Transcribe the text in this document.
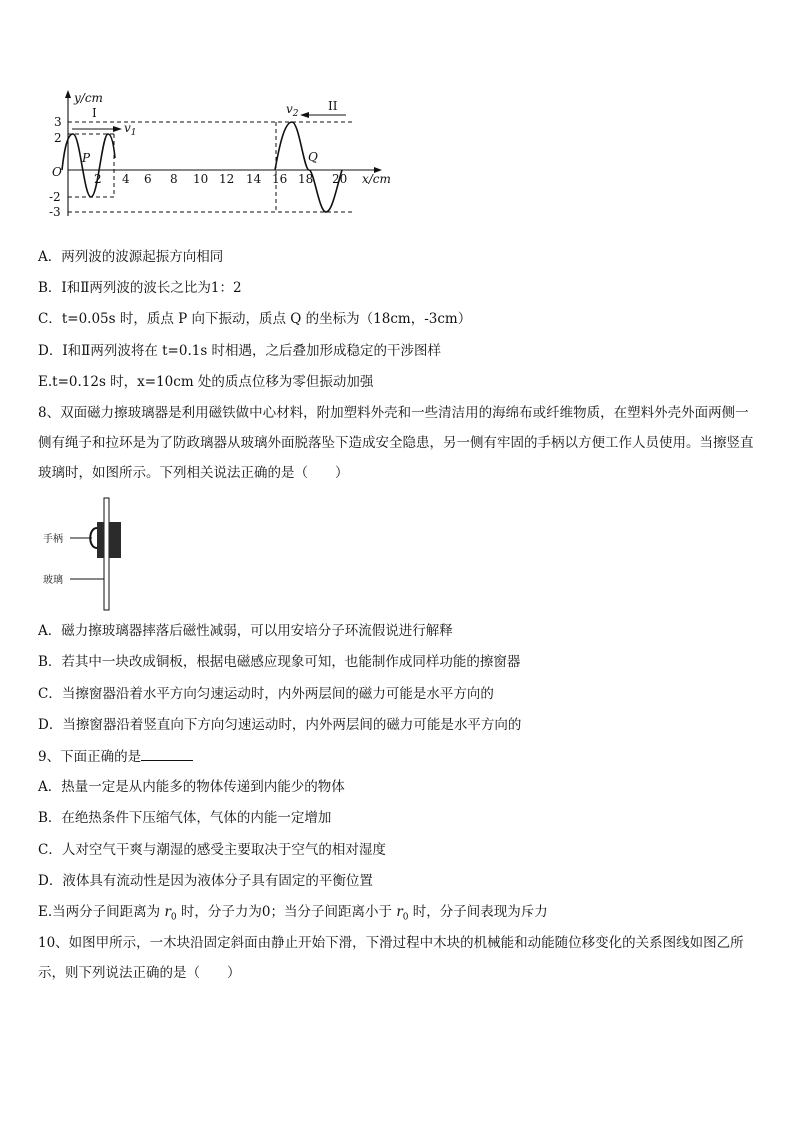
y/cm
x/cm
O
3
2
-2
-3
2 4 6 8 10 12 14 16 18 20
I	II
$v_1$
$v_2$
P	Q
A．两列波的波源起振方向相同
B．Ⅰ和Ⅱ两列波的波长之比为1：2
C．t=0.05s 时，质点 P 向下振动，质点 Q 的坐标为（18cm，-3cm）
D．Ⅰ和Ⅱ两列波将在 t=0.1s 时相遇，之后叠加形成稳定的干涉图样
E.t=0.12s 时，x=10cm 处的质点位移为零但振动加强
8、双面磁力擦玻璃器是利用磁铁做中心材料，附加塑料外壳和一些清洁用的海绵布或纤维物质，在塑料外壳外面两侧一侧有绳子和拉环是为了防政璃器从玻璃外面脱落坠下造成安全隐患，另一侧有牢固的手柄以方便工作人员使用。当擦竖直玻璃时，如图所示。下列相关说法正确的是（　　）
手柄
玻璃
A．磁力擦玻璃器摔落后磁性减弱，可以用安培分子环流假说进行解释
B．若其中一块改成铜板，根据电磁感应现象可知，也能制作成同样功能的擦窗器
C．当擦窗器沿着水平方向匀速运动时，内外两层间的磁力可能是水平方向的
D．当擦窗器沿着竖直向下方向匀速运动时，内外两层间的磁力可能是水平方向的
9、下面正确的是
A．热量一定是从内能多的物体传递到内能少的物体
B．在绝热条件下压缩气体，气体的内能一定增加
C．人对空气干爽与潮湿的感受主要取决于空气的相对湿度
D．液体具有流动性是因为液体分子具有固定的平衡位置
E.当两分子间距离为 $r_0$ 时，分子力为0；当分子间距离小于 $r_0$ 时，分子间表现为斥力
10、如图甲所示，一木块沿固定斜面由静止开始下滑，下滑过程中木块的机械能和动能随位移变化的关系图线如图乙所示，则下列说法正确的是（　　）
